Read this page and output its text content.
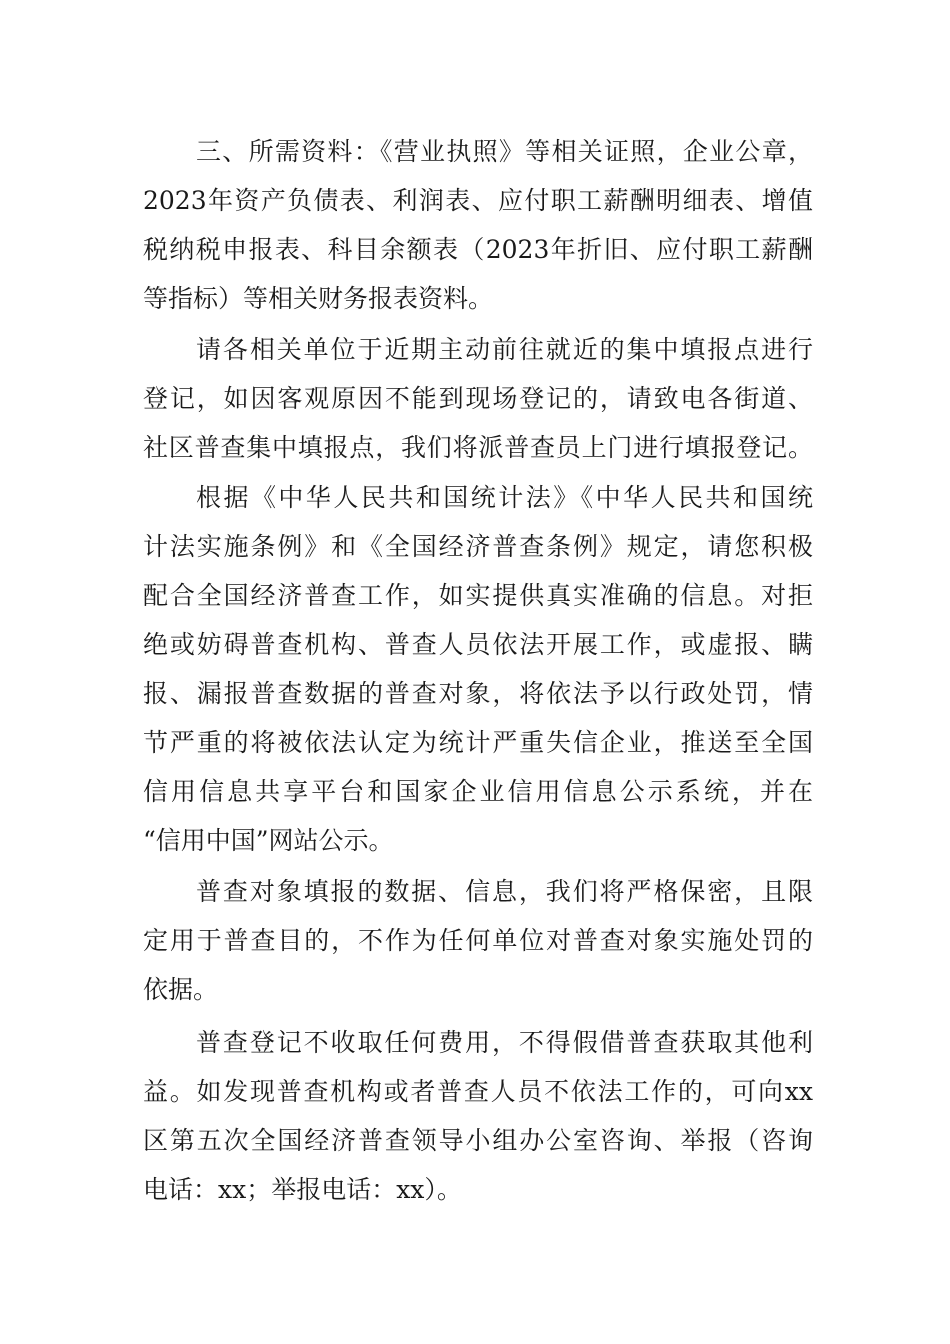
三、所需资料：《营业执照》等相关证照，企业公章，
2023年资产负债表、利润表、应付职工薪酬明细表、增值
税纳税申报表、科目余额表（2023年折旧、应付职工薪酬
等指标）等相关财务报表资料。
请各相关单位于近期主动前往就近的集中填报点进行
登记，如因客观原因不能到现场登记的，请致电各街道、
社区普查集中填报点，我们将派普查员上门进行填报登记。
根据《中华人民共和国统计法》《中华人民共和国统
计法实施条例》和《全国经济普查条例》规定，请您积极
配合全国经济普查工作，如实提供真实准确的信息。对拒
绝或妨碍普查机构、普查人员依法开展工作，或虚报、瞒
报、漏报普查数据的普查对象，将依法予以行政处罚，情
节严重的将被依法认定为统计严重失信企业，推送至全国
信用信息共享平台和国家企业信用信息公示系统，并在
“信用中国”网站公示。
普查对象填报的数据、信息，我们将严格保密，且限
定用于普查目的，不作为任何单位对普查对象实施处罚的
依据。
普查登记不收取任何费用，不得假借普查获取其他利
益。如发现普查机构或者普查人员不依法工作的，可向xx
区第五次全国经济普查领导小组办公室咨询、举报（咨询
电话：xx；举报电话：xx）。
